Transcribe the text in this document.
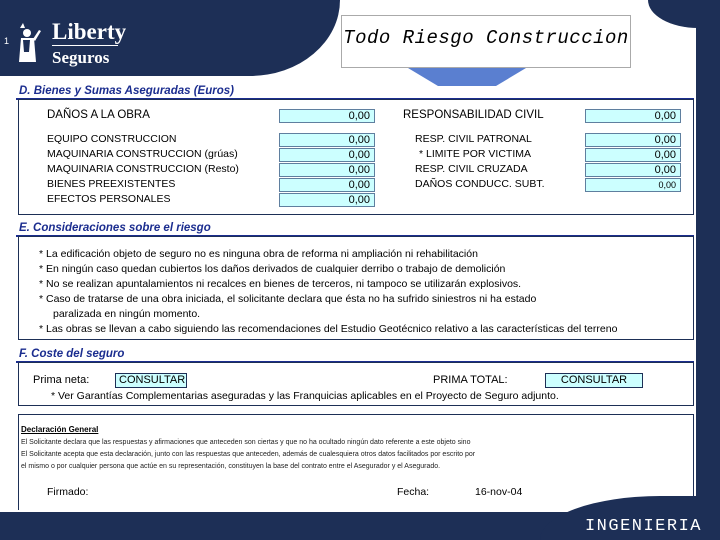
1 Liberty
Seguros
Todo Riesgo Construccion
D. Bienes y Sumas Aseguradas (Euros)
DAÑOS A LA OBRA	0,00
EQUIPO CONSTRUCCION	0,00
MAQUINARIA CONSTRUCCION (grúas)	0,00
MAQUINARIA CONSTRUCCION (Resto)	0,00
BIENES PREEXISTENTES	0,00
EFECTOS PERSONALES	0,00
RESPONSABILIDAD CIVIL	0,00
RESP. CIVIL PATRONAL	0,00
* LIMITE POR VICTIMA	0,00
RESP. CIVIL CRUZADA	0,00
DAÑOS CONDUCC. SUBT.	0,00
E. Consideraciones sobre el riesgo
* La edificación objeto de seguro no es ninguna obra de reforma ni ampliación ni rehabilitación
* En ningún caso quedan cubiertos los daños derivados de cualquier derribo o trabajo de demolición
* No se realizan apuntalamientos ni recalces en bienes de terceros, ni tampoco se utilizarán explosivos.
* Caso de tratarse de una obra iniciada, el solicitante declara que ésta no ha sufrido siniestros ni ha estado
paralizada en ningún momento.
* Las obras se llevan a cabo siguiendo las recomendaciones del Estudio Geotécnico relativo a las características del terreno
F. Coste del seguro
Prima neta:	CONSULTAR	PRIMA TOTAL:	CONSULTAR
* Ver Garantías Complementarias aseguradas y las Franquicias aplicables en el Proyecto de Seguro adjunto.
Declaración General
El Solicitante declara que las respuestas y afirmaciones que anteceden son ciertas y que no ha ocultado ningún dato referente a este objeto sino
El Solicitante acepta que esta declaración, junto con las respuestas que anteceden, además de cualesquiera otros datos facilitados por escrito por
el mismo o por cualquier persona que actúe en su representación, constituyen la base del contrato entre el Asegurador y el Asegurado.
Firmado:	Fecha:	16-nov-04
INGENIERIA
